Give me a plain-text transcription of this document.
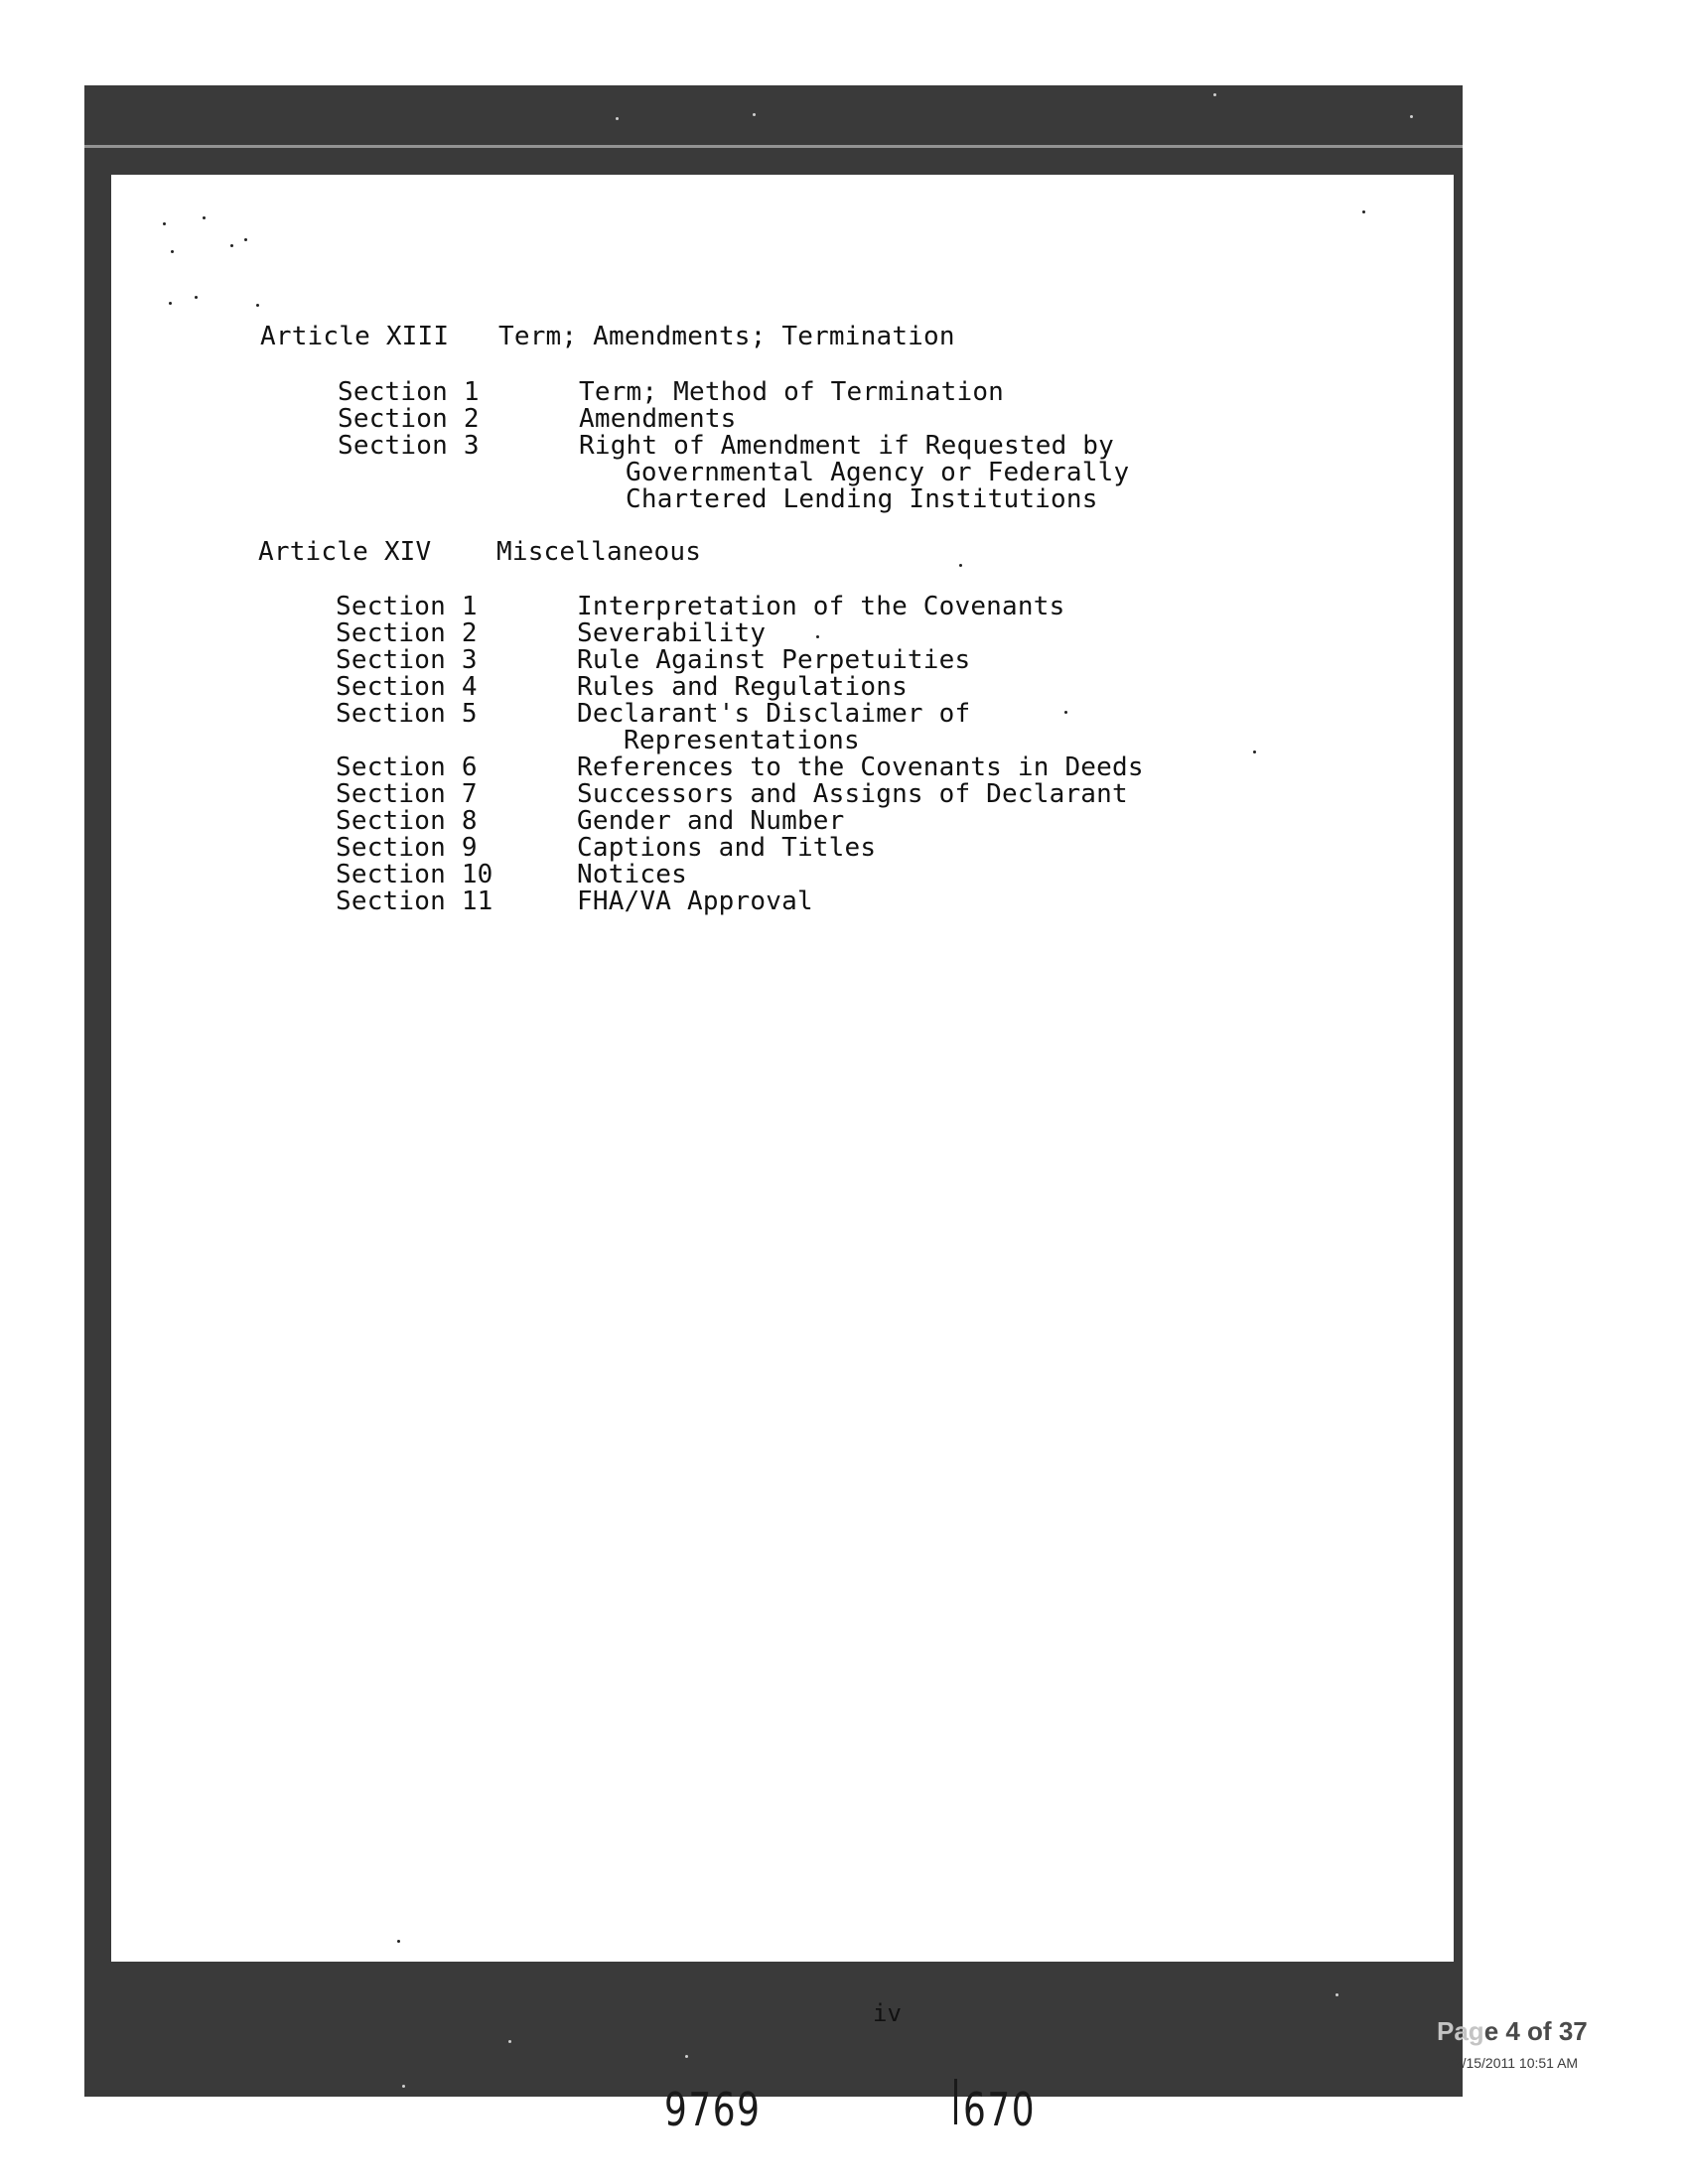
Article XIII Term; Amendments; Termination
Section 1	Term; Method of Termination
Section 2	Amendments
Section 3	Right of Amendment if Requested by
Governmental Agency or Federally
Chartered Lending Institutions
Article XIV	Miscellaneous
Section 1	Interpretation of the Covenants
Section 2	Severability
Section 3	Rule Against Perpetuities
Section 4	Rules and Regulations
Section 5	Declarant's Disclaimer of
Representations
Section 6	References to the Covenants in Deeds
Section 7	Successors and Assigns of Declarant
Section 8	Gender and Number
Section 9	Captions and Titles
Section 10	Notices
Section 11	FHA/VA Approval
iv
9769	670
Page 4 of 37
02/15/2011 10:51 AM
